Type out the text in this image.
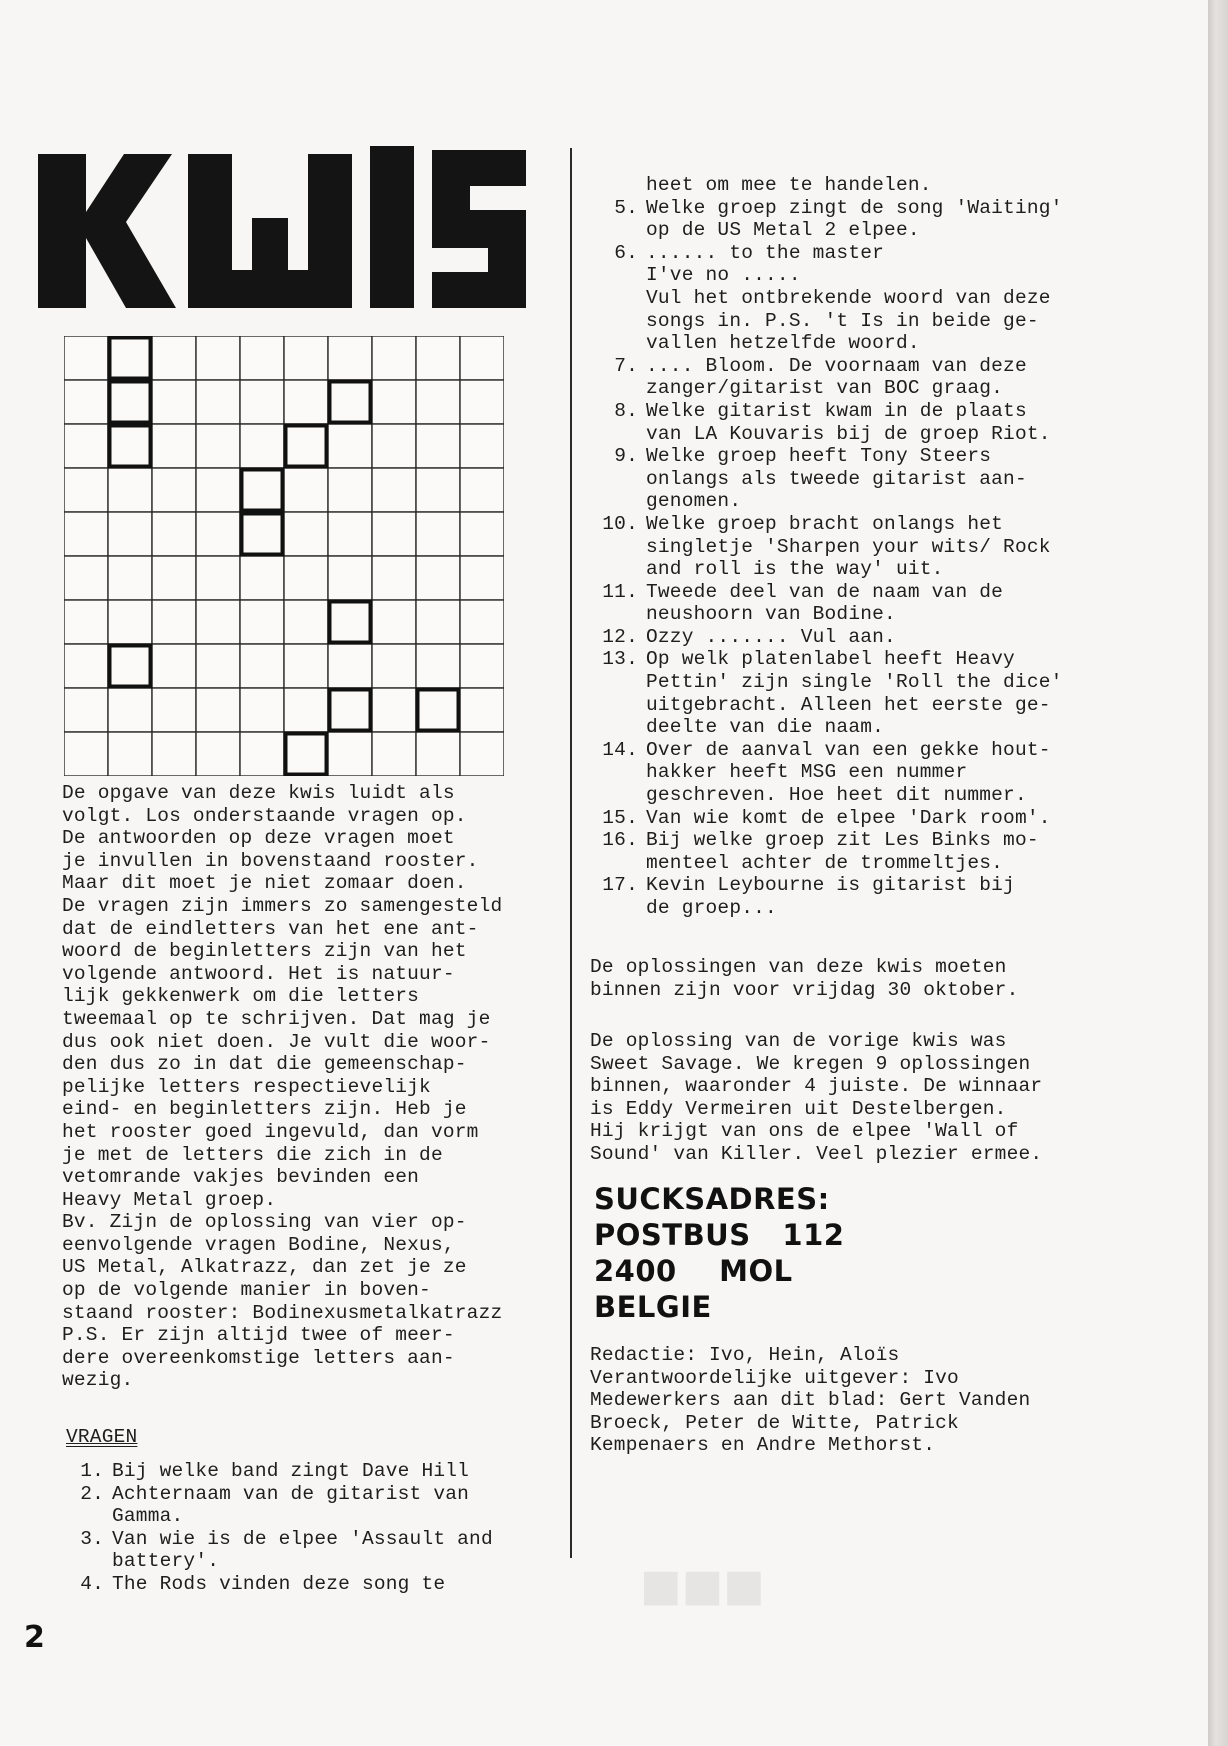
■■■
De opgave van deze kwis luidt als
volgt. Los onderstaande vragen op.
De antwoorden op deze vragen moet
je invullen in bovenstaand rooster.
Maar dit moet je niet zomaar doen.
De vragen zijn immers zo samengesteld
dat de eindletters van het ene ant-
woord de beginletters zijn van het
volgende antwoord. Het is natuur-
lijk gekkenwerk om die letters
tweemaal op te schrijven. Dat mag je
dus ook niet doen. Je vult die woor-
den dus zo in dat die gemeenschap-
pelijke letters respectievelijk
eind- en beginletters zijn. Heb je
het rooster goed ingevuld, dan vorm
je met de letters die zich in de
vetomrande vakjes bevinden een
Heavy Metal groep.
Bv. Zijn de oplossing van vier op-
eenvolgende vragen Bodine, Nexus,
US Metal, Alkatrazz, dan zet je ze
op de volgende manier in boven-
staand rooster: Bodinexusmetalkatrazz
P.S. Er zijn altijd twee of meer-
dere overeenkomstige letters aan-
wezig.
VRAGEN
1. Bij welke band zingt Dave Hill
2. Achternaam van de gitarist van
Gamma.
3. Van wie is de elpee 'Assault and
battery'.
4. The Rods vinden deze song te
heet om mee te handelen.
5. Welke groep zingt de song 'Waiting'
op de US Metal 2 elpee.
6. ...... to the master
I've no .....
Vul het ontbrekende woord van deze
songs in. P.S. 't Is in beide ge-
vallen hetzelfde woord.
7. .... Bloom. De voornaam van deze
zanger/gitarist van BOC graag.
8. Welke gitarist kwam in de plaats
van LA Kouvaris bij de groep Riot.
9. Welke groep heeft Tony Steers
onlangs als tweede gitarist aan-
genomen.
10. Welke groep bracht onlangs het
singletje 'Sharpen your wits/ Rock
and roll is the way' uit.
11. Tweede deel van de naam van de
neushoorn van Bodine.
12. Ozzy ....... Vul aan.
13. Op welk platenlabel heeft Heavy
Pettin' zijn single 'Roll the dice'
uitgebracht. Alleen het eerste ge-
deelte van die naam.
14. Over de aanval van een gekke hout-
hakker heeft MSG een nummer
geschreven. Hoe heet dit nummer.
15. Van wie komt de elpee 'Dark room'.
16. Bij welke groep zit Les Binks mo-
menteel achter de trommeltjes.
17. Kevin Leybourne is gitarist bij
de groep...
De oplossingen van deze kwis moeten
binnen zijn voor vrijdag 30 oktober.
De oplossing van de vorige kwis was
Sweet Savage. We kregen 9 oplossingen
binnen, waaronder 4 juiste. De winnaar
is Eddy Vermeiren uit Destelbergen.
Hij krijgt van ons de elpee 'Wall of
Sound' van Killer. Veel plezier ermee.
SUCKSADRES:
POSTBUS   112
2400    MOL
BELGIE
Redactie: Ivo, Hein, Aloïs
Verantwoordelijke uitgever: Ivo
Medewerkers aan dit blad: Gert Vanden
Broeck, Peter de Witte, Patrick
Kempenaers en Andre Methorst.
2
